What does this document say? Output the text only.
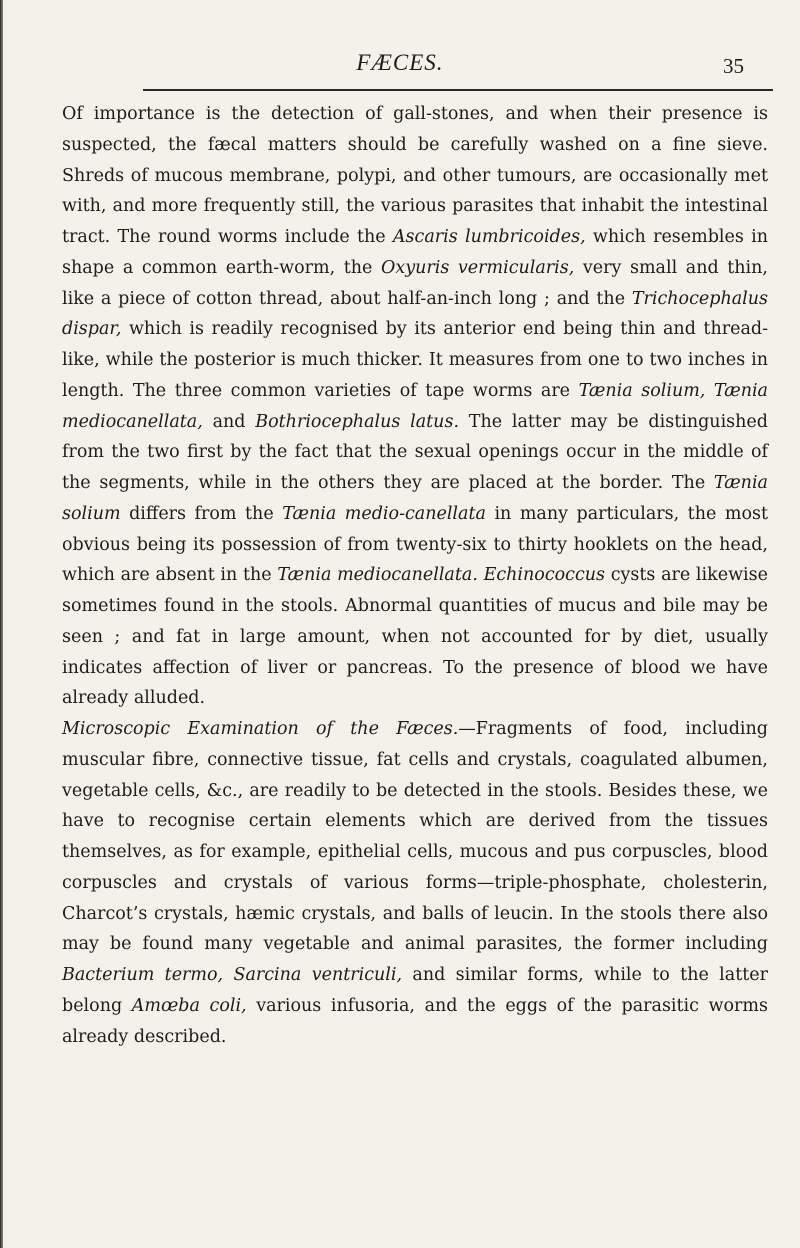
FÆCES.	35

Of importance is the detection of gall-stones, and when their presence is suspected, the fæcal matters should be carefully washed on a fine sieve. Shreds of mucous membrane, polypi, and other tumours, are occasionally met with, and more frequently still, the various parasites that inhabit the intestinal tract. The round worms include the Ascaris lumbricoides, which resembles in shape a common earth-worm, the Oxyuris vermicularis, very small and thin, like a piece of cotton thread, about half-an-inch long ; and the Trichocephalus dispar, which is readily recognised by its anterior end being thin and thread-like, while the posterior is much thicker. It measures from one to two inches in length. The three common varieties of tape worms are Tænia solium, Tænia mediocanellata, and Bothriocephalus latus. The latter may be distinguished from the two first by the fact that the sexual openings occur in the middle of the segments, while in the others they are placed at the border. The Tænia solium differs from the Tænia medio-canellata in many particulars, the most obvious being its possession of from twenty-six to thirty hooklets on the head, which are absent in the Tænia mediocanellata. Echinococcus cysts are likewise sometimes found in the stools. Abnormal quantities of mucus and bile may be seen ; and fat in large amount, when not accounted for by diet, usually indicates affection of liver or pancreas. To the presence of blood we have already alluded.

Microscopic Examination of the Fæces.—Fragments of food, including muscular fibre, connective tissue, fat cells and crystals, coagulated albumen, vegetable cells, &c., are readily to be detected in the stools. Besides these, we have to recognise certain elements which are derived from the tissues themselves, as for example, epithelial cells, mucous and pus corpuscles, blood corpuscles and crystals of various forms—triple-phosphate, cholesterin, Charcot’s crystals, hæmic crystals, and balls of leucin. In the stools there also may be found many vegetable and animal parasites, the former including Bacterium termo, Sarcina ventriculi, and similar forms, while to the latter belong Amœba coli, various infusoria, and the eggs of the parasitic worms already described.
